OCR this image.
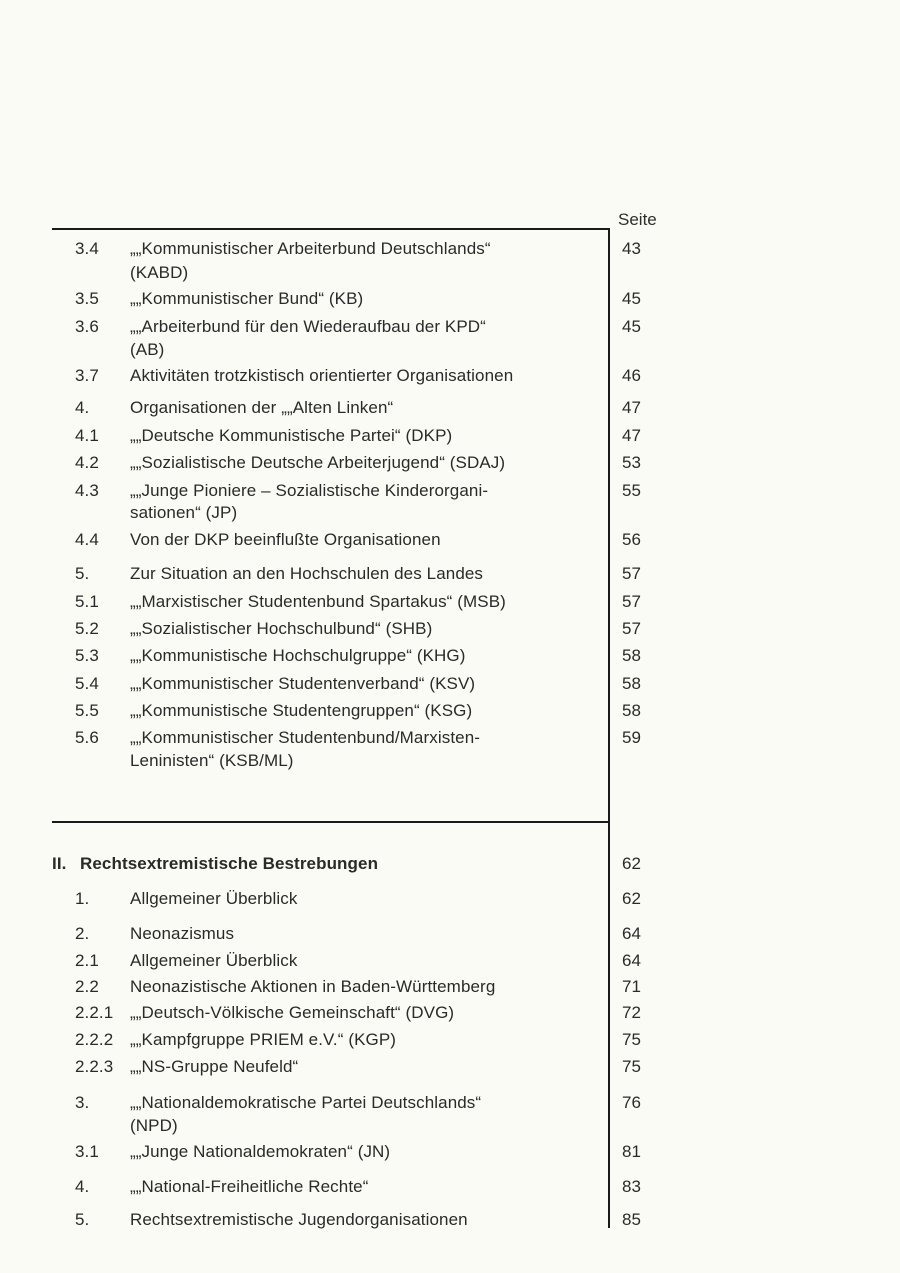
Seite
3.4 „„Kommunistischer Arbeiterbund Deutschlands“	43
(KABD)
3.5 „„Kommunistischer Bund“ (KB)	45
3.6 „„Arbeiterbund für den Wiederaufbau der KPD“	45
(AB)
3.7 Aktivitäten trotzkistisch orientierter Organisationen	46
4. Organisationen der „„Alten Linken“	47
4.1 „„Deutsche Kommunistische Partei“ (DKP)	47
4.2 „„Sozialistische Deutsche Arbeiterjugend“ (SDAJ)	53
4.3 „„Junge Pioniere – Sozialistische Kinderorgani-	55
sationen“ (JP)
4.4 Von der DKP beeinflußte Organisationen	56
5. Zur Situation an den Hochschulen des Landes	57
5.1 „„Marxistischer Studentenbund Spartakus“ (MSB)	57
5.2 „„Sozialistischer Hochschulbund“ (SHB)	57
5.3 „„Kommunistische Hochschulgruppe“ (KHG)	58
5.4 „„Kommunistischer Studentenverband“ (KSV)	58
5.5 „„Kommunistische Studentengruppen“ (KSG)	58
5.6 „„Kommunistischer Studentenbund/Marxisten-	59
Leninisten“ (KSB/ML)
II. Rechtsextremistische Bestrebungen	62
1. Allgemeiner Überblick	62
2. Neonazismus	64
2.1 Allgemeiner Überblick	64
2.2 Neonazistische Aktionen in Baden-Württemberg	71
2.2.1 „„Deutsch-Völkische Gemeinschaft“ (DVG)	72
2.2.2 „„Kampfgruppe PRIEM e.V.“ (KGP)	75
2.2.3 „„NS-Gruppe Neufeld“	75
3. „„Nationaldemokratische Partei Deutschlands“	76
(NPD)
3.1 „„Junge Nationaldemokraten“ (JN)	81
4. „„National-Freiheitliche Rechte“	83
5. Rechtsextremistische Jugendorganisationen	85
